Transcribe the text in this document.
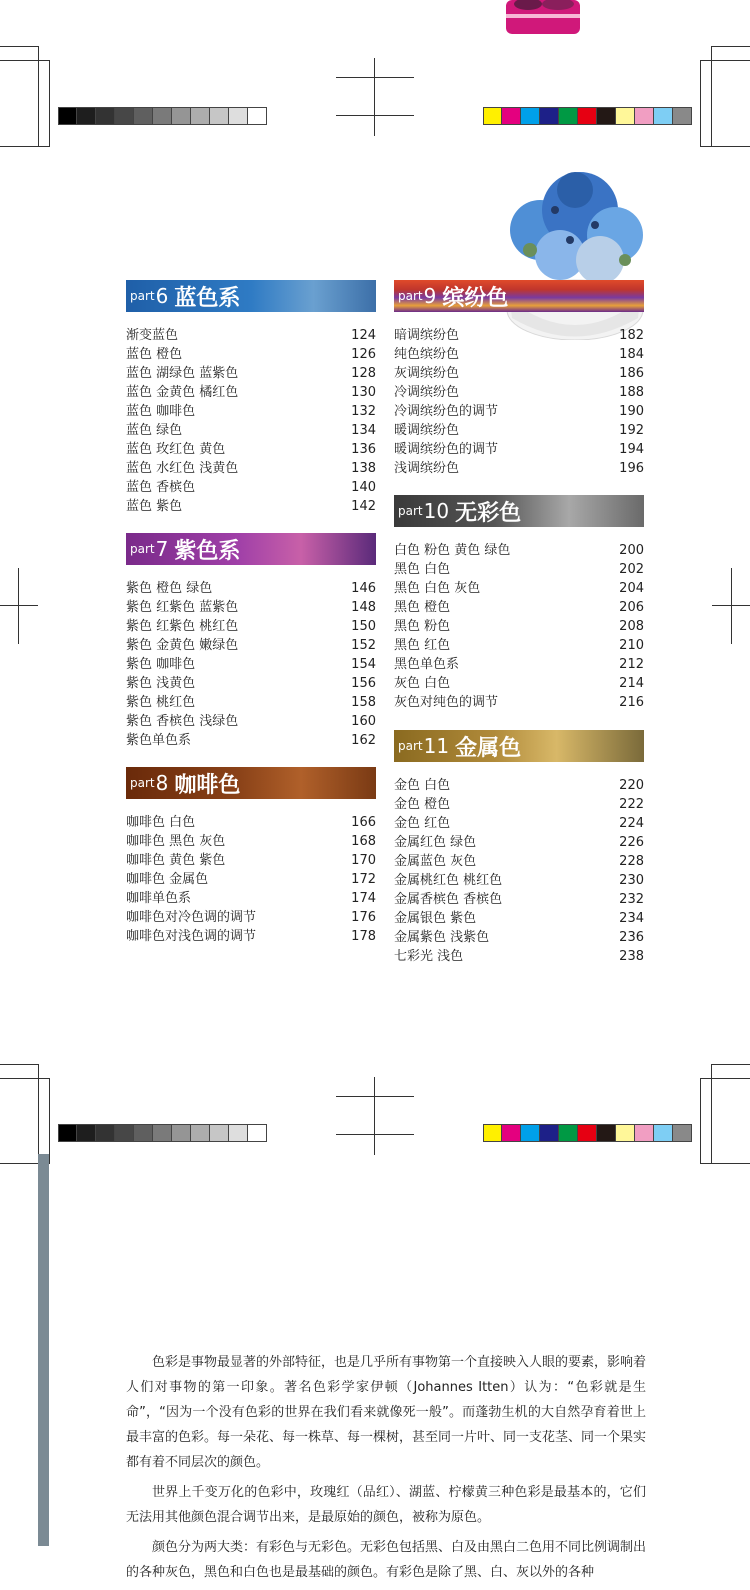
part 6 蓝色系
渐变蓝色	124
蓝色 橙色	126
蓝色 湖绿色 蓝紫色	128
蓝色 金黄色 橘红色	130
蓝色 咖啡色	132
蓝色 绿色	134
蓝色 玫红色 黄色	136
蓝色 水红色 浅黄色	138
蓝色 香槟色	140
蓝色 紫色	142
part 7 紫色系
紫色 橙色 绿色	146
紫色 红紫色 蓝紫色	148
紫色 红紫色 桃红色	150
紫色 金黄色 嫩绿色	152
紫色 咖啡色	154
紫色 浅黄色	156
紫色 桃红色	158
紫色 香槟色 浅绿色	160
紫色单色系	162
part 8 咖啡色
咖啡色 白色	166
咖啡色 黑色 灰色	168
咖啡色 黄色 紫色	170
咖啡色 金属色	172
咖啡单色系	174
咖啡色对冷色调的调节	176
咖啡色对浅色调的调节	178
part 9 缤纷色
暗调缤纷色	182
纯色缤纷色	184
灰调缤纷色	186
冷调缤纷色	188
冷调缤纷色的调节	190
暖调缤纷色	192
暖调缤纷色的调节	194
浅调缤纷色	196
part 10 无彩色
白色 粉色 黄色 绿色	200
黑色 白色	202
黑色 白色 灰色	204
黑色 橙色	206
黑色 粉色	208
黑色 红色	210
黑色单色系	212
灰色 白色	214
灰色对纯色的调节	216
part 11 金属色
金色 白色	220
金色 橙色	222
金色 红色	224
金属红色 绿色	226
金属蓝色 灰色	228
金属桃红色 桃红色	230
金属香槟色 香槟色	232
金属银色 紫色	234
金属紫色 浅紫色	236
七彩光 浅色	238

色彩是事物最显著的外部特征，也是几乎所有事物第一个直接映入人眼的要素，影响着人们对事物的第一印象。著名色彩学家伊顿（Johannes Itten）认为：“色彩就是生命”，“因为一个没有色彩的世界在我们看来就像死一般”。而蓬勃生机的大自然孕育着世上最丰富的色彩。每一朵花、每一株草、每一棵树，甚至同一片叶、同一支花茎、同一个果实都有着不同层次的颜色。

世界上千变万化的色彩中，玫瑰红（品红）、湖蓝、柠檬黄三种色彩是最基本的，它们无法用其他颜色混合调节出来，是最原始的颜色，被称为原色。

颜色分为两大类：有彩色与无彩色。无彩色包括黑、白及由黑白二色用不同比例调制出的各种灰色，黑色和白色也是最基础的颜色。有彩色是除了黑、白、灰以外的各种
